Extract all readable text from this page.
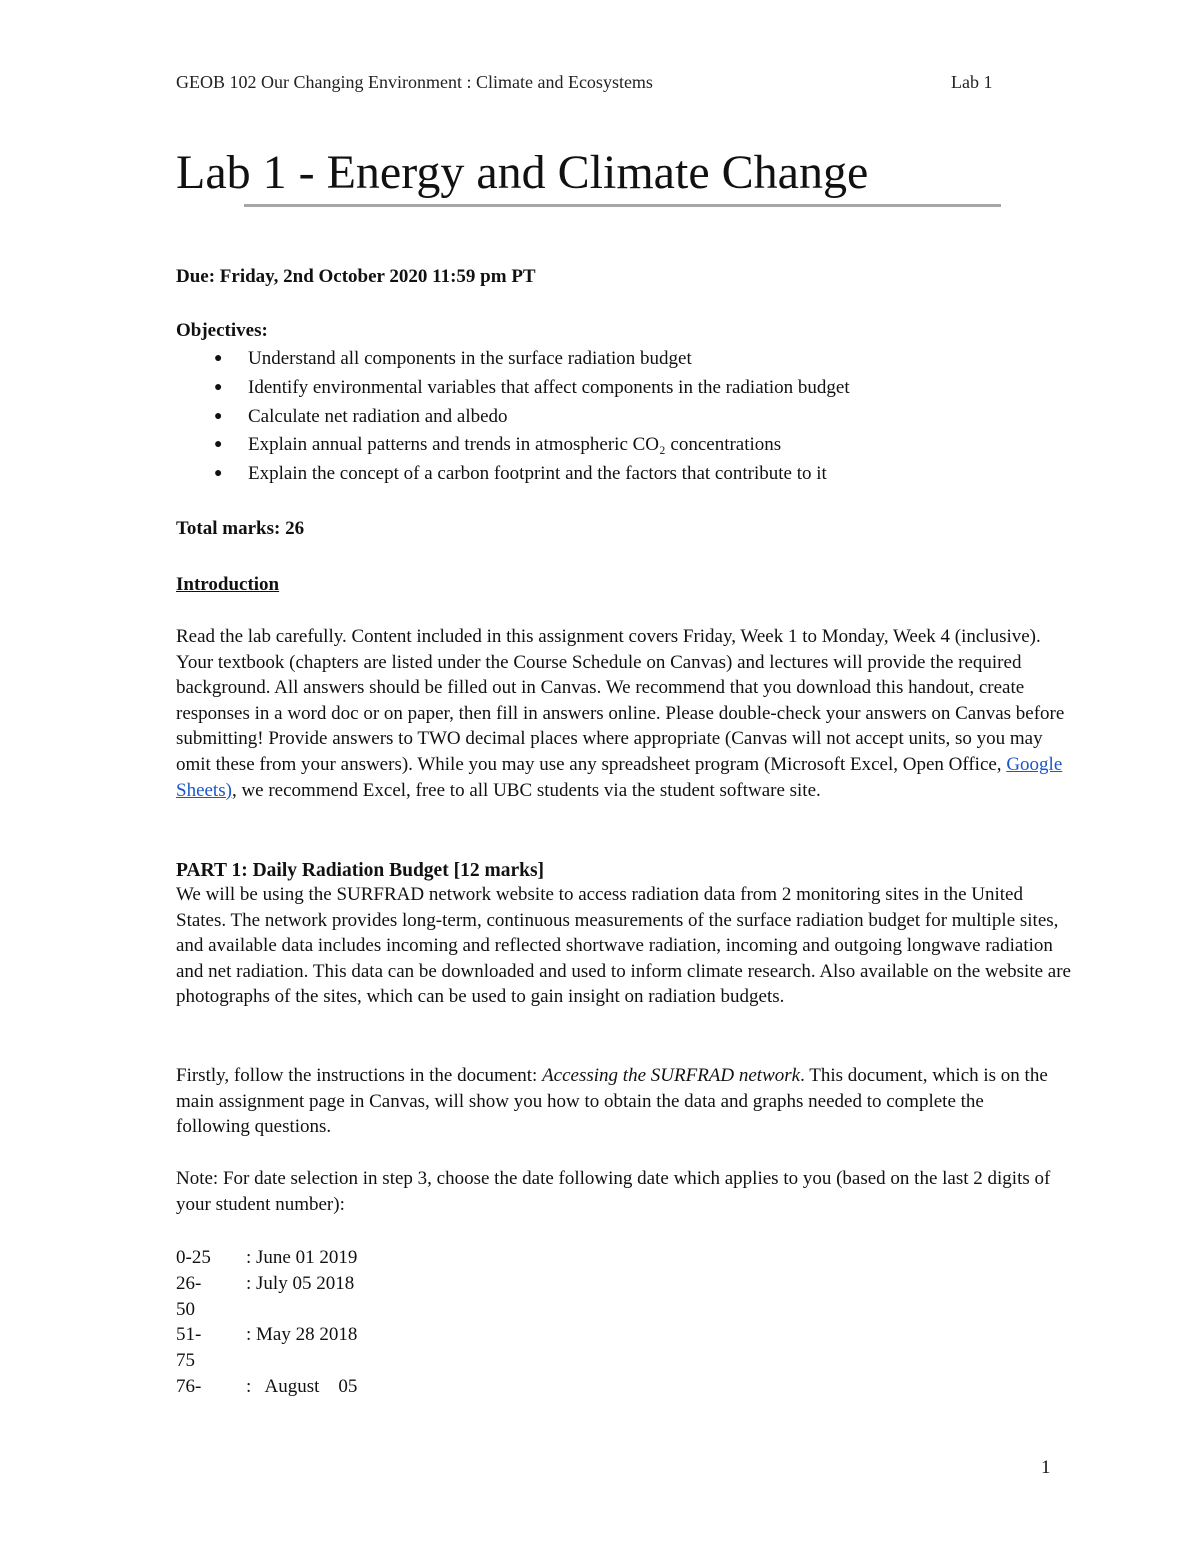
GEOB 102 Our Changing Environment : Climate and Ecosystems	Lab 1
Lab 1 - Energy and Climate Change
Due: Friday, 2nd October 2020 11:59 pm PT
Objectives:
● Understand all components in the surface radiation budget
● Identify environmental variables that affect components in the radiation budget
● Calculate net radiation and albedo
● Explain annual patterns and trends in atmospheric CO₂ concentrations
● Explain the concept of a carbon footprint and the factors that contribute to it
Total marks: 26
Introduction
Read the lab carefully. Content included in this assignment covers Friday, Week 1 to Monday, Week 4 (inclusive). Your textbook (chapters are listed under the Course Schedule on Canvas) and lectures will provide the required background. All answers should be filled out in Canvas. We recommend that you download this handout, create responses in a word doc or on paper, then fill in answers online. Please double-check your answers on Canvas before submitting! Provide answers to TWO decimal places where appropriate (Canvas will not accept units, so you may omit these from your answers). While you may use any spreadsheet program (Microsoft Excel, Open Office, Google Sheets), we recommend Excel, free to all UBC students via the student software site.
PART 1: Daily Radiation Budget [12 marks]
We will be using the SURFRAD network website to access radiation data from 2 monitoring sites in the United States. The network provides long-term, continuous measurements of the surface radiation budget for multiple sites, and available data includes incoming and reflected shortwave radiation, incoming and outgoing longwave radiation and net radiation. This data can be downloaded and used to inform climate research. Also available on the website are photographs of the sites, which can be used to gain insight on radiation budgets.
Firstly, follow the instructions in the document: Accessing the SURFRAD network. This document, which is on the main assignment page in Canvas, will show you how to obtain the data and graphs needed to complete the following questions.
Note: For date selection in step 3, choose the date following date which applies to you (based on the last 2 digits of your student number):
0-25	: June 01 2019
26-	: July 05 2018
50
51-	: May 28 2018
75
76-	:   August    05
1
